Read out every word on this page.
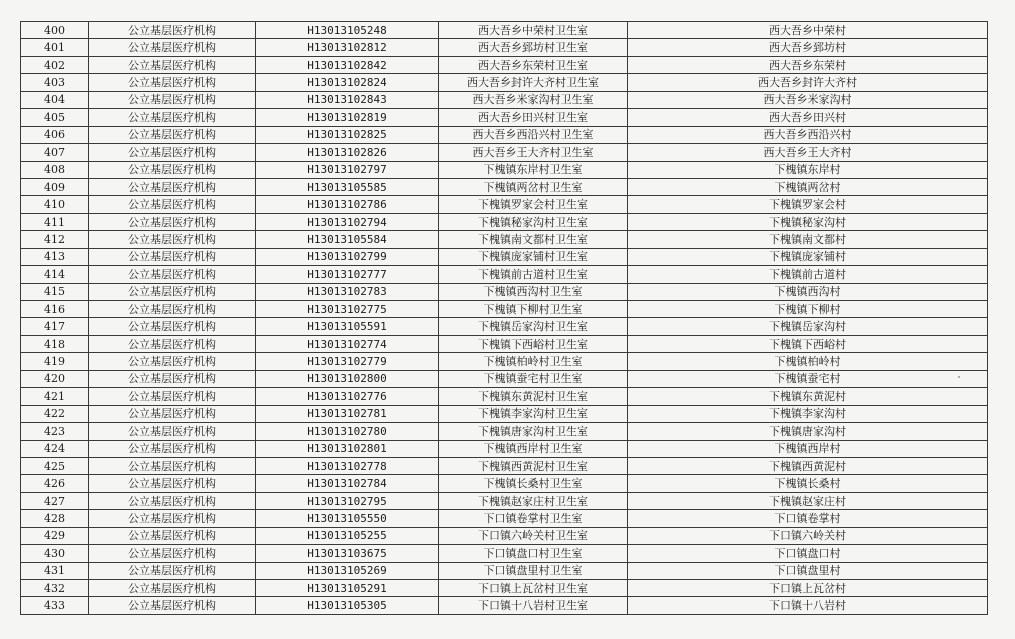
400	公立基层医疗机构	H13013105248	西大吾乡中荣村卫生室	西大吾乡中荣村
401	公立基层医疗机构	H13013102812	西大吾乡郅坊村卫生室	西大吾乡郅坊村
402	公立基层医疗机构	H13013102842	西大吾乡东荣村卫生室	西大吾乡东荣村
403	公立基层医疗机构	H13013102824	西大吾乡封许大齐村卫生室	西大吾乡封许大齐村
404	公立基层医疗机构	H13013102843	西大吾乡米家沟村卫生室	西大吾乡米家沟村
405	公立基层医疗机构	H13013102819	西大吾乡田兴村卫生室	西大吾乡田兴村
406	公立基层医疗机构	H13013102825	西大吾乡西沿兴村卫生室	西大吾乡西沿兴村
407	公立基层医疗机构	H13013102826	西大吾乡王大齐村卫生室	西大吾乡王大齐村
408	公立基层医疗机构	H13013102797	下槐镇东岸村卫生室	下槐镇东岸村
409	公立基层医疗机构	H13013105585	下槐镇两岔村卫生室	下槐镇两岔村
410	公立基层医疗机构	H13013102786	下槐镇罗家会村卫生室	下槐镇罗家会村
411	公立基层医疗机构	H13013102794	下槐镇秘家沟村卫生室	下槐镇秘家沟村
412	公立基层医疗机构	H13013105584	下槐镇南文都村卫生室	下槐镇南文都村
413	公立基层医疗机构	H13013102799	下槐镇庞家铺村卫生室	下槐镇庞家铺村
414	公立基层医疗机构	H13013102777	下槐镇前古道村卫生室	下槐镇前古道村
415	公立基层医疗机构	H13013102783	下槐镇西沟村卫生室	下槐镇西沟村
416	公立基层医疗机构	H13013102775	下槐镇下柳村卫生室	下槐镇下柳村
417	公立基层医疗机构	H13013105591	下槐镇岳家沟村卫生室	下槐镇岳家沟村
418	公立基层医疗机构	H13013102774	下槐镇下西峪村卫生室	下槐镇下西峪村
419	公立基层医疗机构	H13013102779	下槐镇柏岭村卫生室	下槐镇柏岭村
420	公立基层医疗机构	H13013102800	下槐镇蚕宅村卫生室	下槐镇蚕宅村
421	公立基层医疗机构	H13013102776	下槐镇东黄泥村卫生室	下槐镇东黄泥村
422	公立基层医疗机构	H13013102781	下槐镇李家沟村卫生室	下槐镇李家沟村
423	公立基层医疗机构	H13013102780	下槐镇唐家沟村卫生室	下槐镇唐家沟村
424	公立基层医疗机构	H13013102801	下槐镇西岸村卫生室	下槐镇西岸村
425	公立基层医疗机构	H13013102778	下槐镇西黄泥村卫生室	下槐镇西黄泥村
426	公立基层医疗机构	H13013102784	下槐镇长桑村卫生室	下槐镇长桑村
427	公立基层医疗机构	H13013102795	下槐镇赵家庄村卫生室	下槐镇赵家庄村
428	公立基层医疗机构	H13013105550	下口镇卷掌村卫生室	下口镇卷掌村
429	公立基层医疗机构	H13013105255	下口镇六岭关村卫生室	下口镇六岭关村
430	公立基层医疗机构	H13013103675	下口镇盘口村卫生室	下口镇盘口村
431	公立基层医疗机构	H13013105269	下口镇盘里村卫生室	下口镇盘里村
432	公立基层医疗机构	H13013105291	下口镇上瓦岔村卫生室	下口镇上瓦岔村
433	公立基层医疗机构	H13013105305	下口镇十八岩村卫生室	下口镇十八岩村
